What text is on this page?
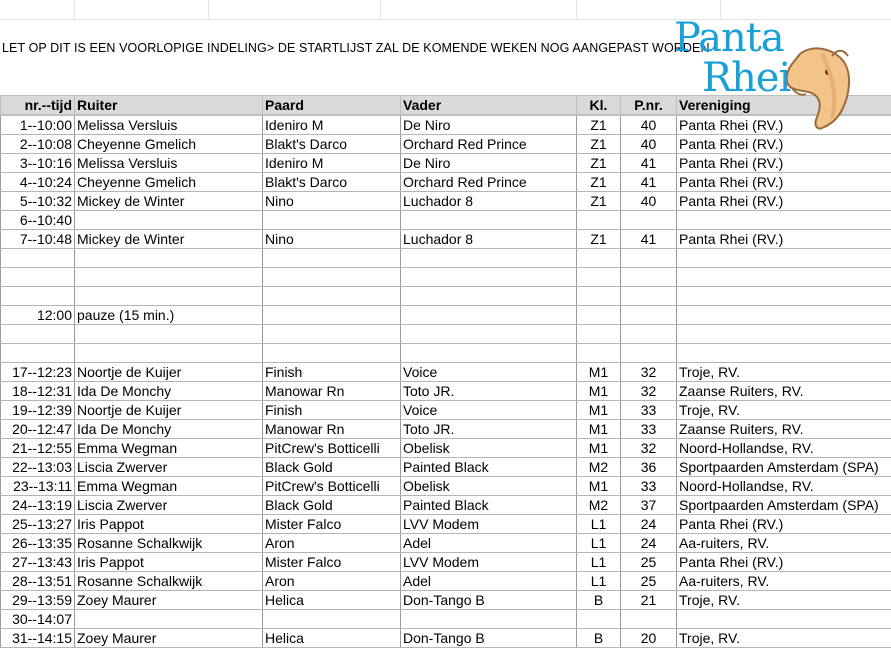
LET OP DIT IS EEN VOORLOPIGE INDELING> DE STARTLIJST ZAL DE KOMENDE WEKEN NOG AANGEPAST WORDEN
nr.--tijd	Ruiter	Paard	Vader	Kl.	P.nr.	Vereniging
1--10:00	Melissa Versluis	Ideniro M	De Niro	Z1	40	Panta Rhei (RV.)
2--10:08	Cheyenne Gmelich	Blakt's Darco	Orchard Red Prince	Z1	40	Panta Rhei (RV.)
3--10:16	Melissa Versluis	Ideniro M	De Niro	Z1	41	Panta Rhei (RV.)
4--10:24	Cheyenne Gmelich	Blakt's Darco	Orchard Red Prince	Z1	41	Panta Rhei (RV.)
5--10:32	Mickey de Winter	Nino	Luchador 8	Z1	40	Panta Rhei (RV.)
6--10:40						
7--10:48	Mickey de Winter	Nino	Luchador 8	Z1	41	Panta Rhei (RV.)

12:00	pauze (15 min.)					

17--12:23	Noortje de Kuijer	Finish	Voice	M1	32	Troje, RV.
18--12:31	Ida De Monchy	Manowar Rn	Toto JR.	M1	32	Zaanse Ruiters, RV.
19--12:39	Noortje de Kuijer	Finish	Voice	M1	33	Troje, RV.
20--12:47	Ida De Monchy	Manowar Rn	Toto JR.	M1	33	Zaanse Ruiters, RV.
21--12:55	Emma Wegman	PitCrew's Botticelli	Obelisk	M1	32	Noord-Hollandse, RV.
22--13:03	Liscia Zwerver	Black Gold	Painted Black	M2	36	Sportpaarden Amsterdam (SPA)
23--13:11	Emma Wegman	PitCrew's Botticelli	Obelisk	M1	33	Noord-Hollandse, RV.
24--13:19	Liscia Zwerver	Black Gold	Painted Black	M2	37	Sportpaarden Amsterdam (SPA)
25--13:27	Iris Pappot	Mister Falco	LVV Modem	L1	24	Panta Rhei (RV.)
26--13:35	Rosanne Schalkwijk	Aron	Adel	L1	24	Aa-ruiters, RV.
27--13:43	Iris Pappot	Mister Falco	LVV Modem	L1	25	Panta Rhei (RV.)
28--13:51	Rosanne Schalkwijk	Aron	Adel	L1	25	Aa-ruiters, RV.
29--13:59	Zoey Maurer	Helica	Don-Tango B	B	21	Troje, RV.
30--14:07						
31--14:15	Zoey Maurer	Helica	Don-Tango B	B	20	Troje, RV.
Panta
Rhei
